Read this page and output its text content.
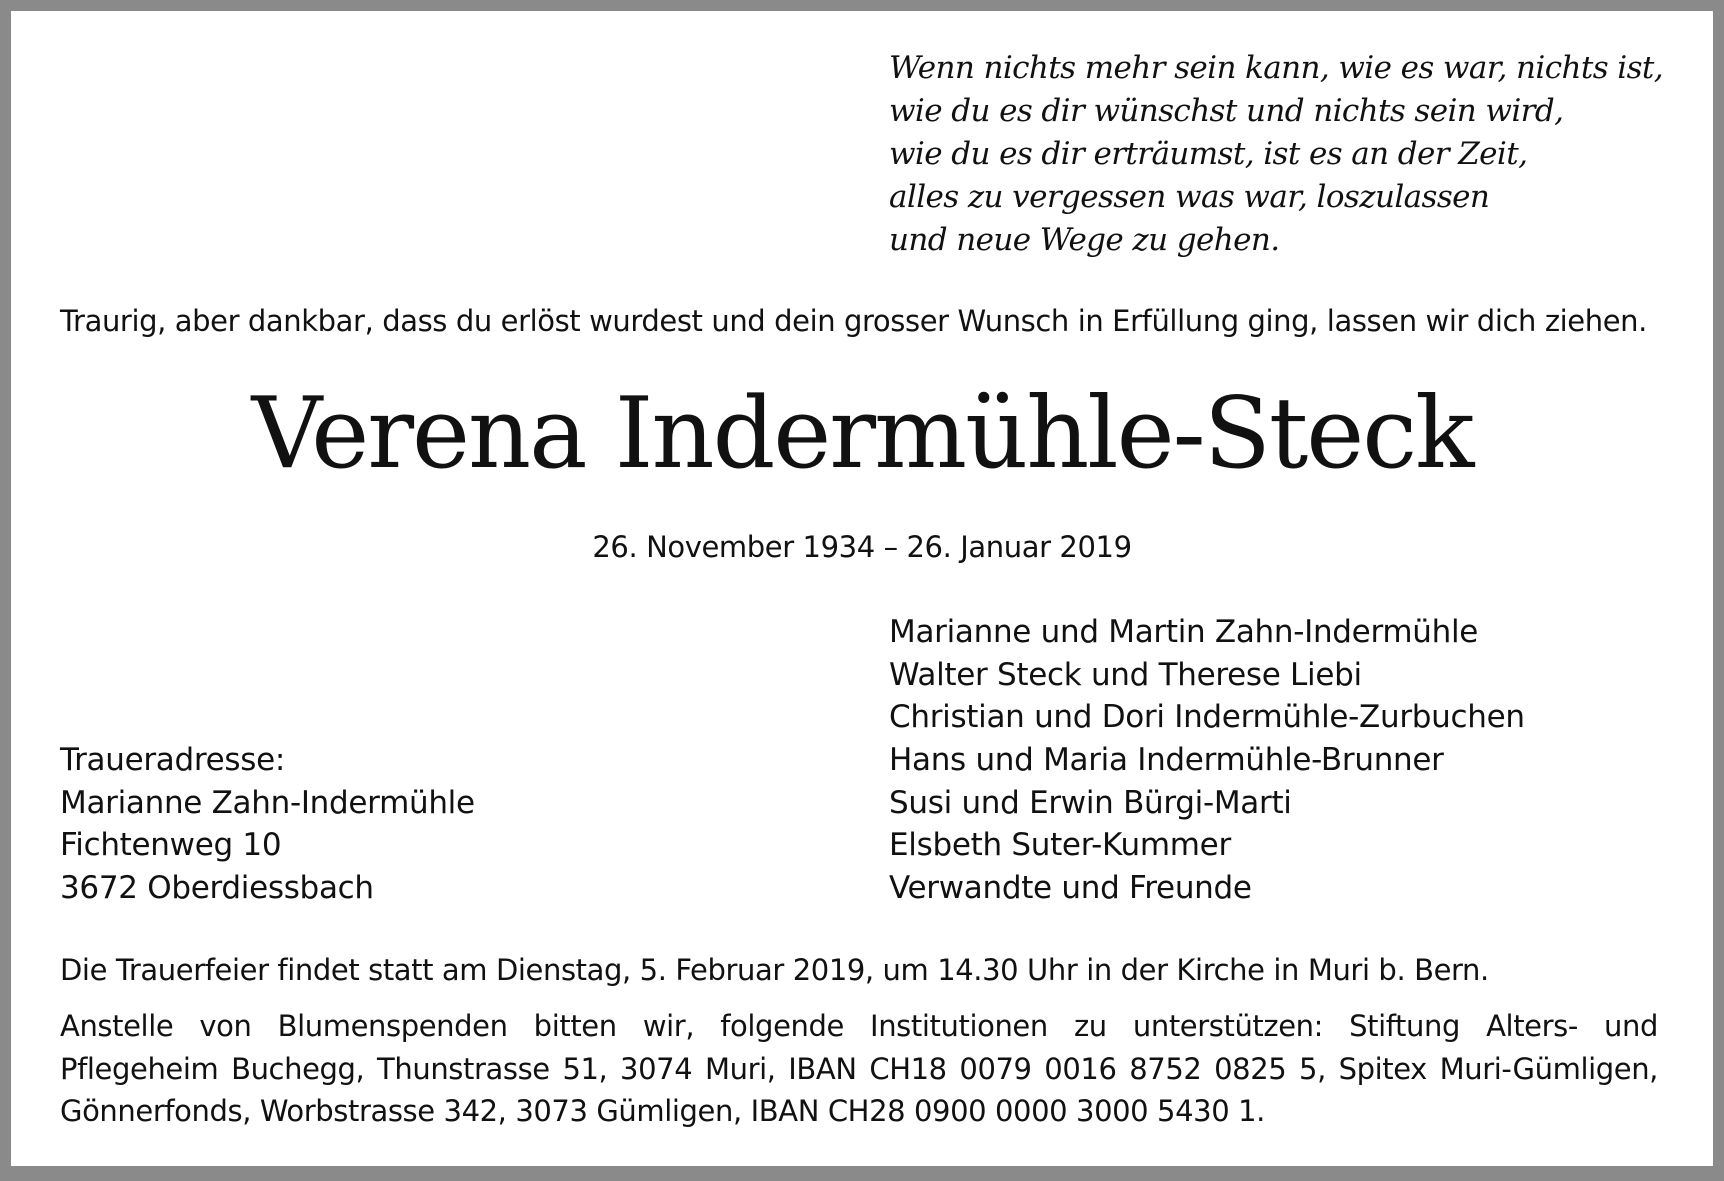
Wenn nichts mehr sein kann, wie es war, nichts ist,
wie du es dir wünschst und nichts sein wird,
wie du es dir erträumst, ist es an der Zeit,
alles zu vergessen was war, loszulassen
und neue Wege zu gehen.
Traurig, aber dankbar, dass du erlöst wurdest und dein grosser Wunsch in Erfüllung ging, lassen wir dich ziehen.
Verena Indermühle-Steck
26. November 1934 – 26. Januar 2019
Marianne und Martin Zahn-Indermühle
Walter Steck und Therese Liebi
Christian und Dori Indermühle-Zurbuchen
Hans und Maria Indermühle-Brunner
Susi und Erwin Bürgi-Marti
Elsbeth Suter-Kummer
Verwandte und Freunde
Traueradresse:
Marianne Zahn-Indermühle
Fichtenweg 10
3672 Oberdiessbach
Die Trauerfeier findet statt am Dienstag, 5. Februar 2019, um 14.30 Uhr in der Kirche in Muri b. Bern.
Anstelle von Blumenspenden bitten wir, folgende Institutionen zu unterstützen: Stiftung Alters- und
Pflegeheim Buchegg, Thunstrasse 51, 3074 Muri, IBAN CH18 0079 0016 8752 0825 5, Spitex Muri-Gümligen,
Gönnerfonds, Worbstrasse 342, 3073 Gümligen, IBAN CH28 0900 0000 3000 5430 1.
